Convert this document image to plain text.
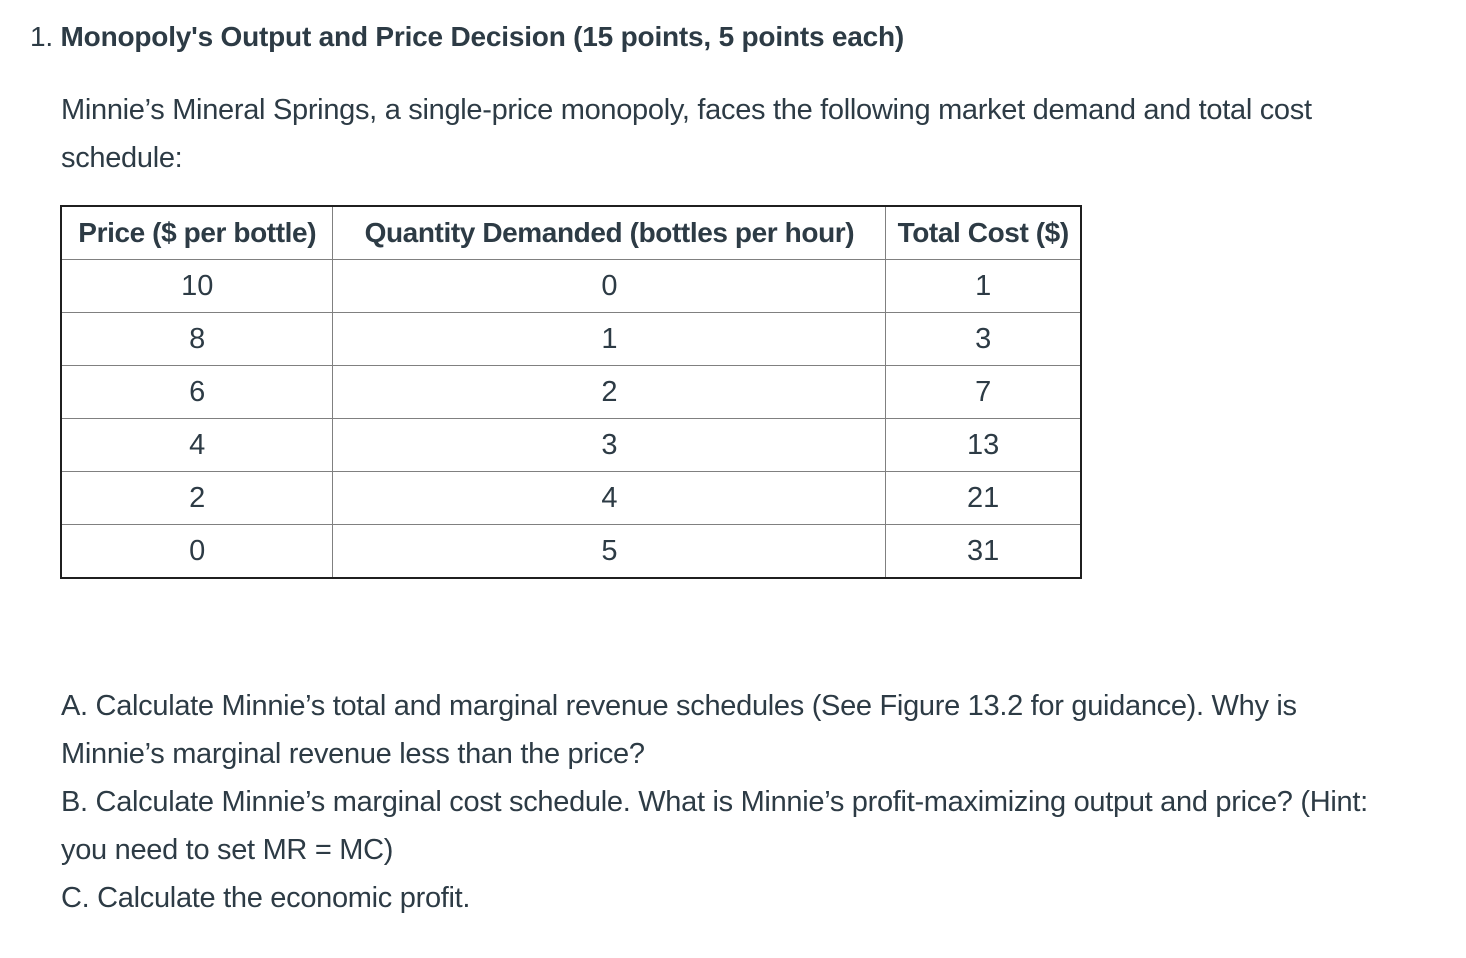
1. Monopoly's Output and Price Decision (15 points, 5 points each)
Minnie’s Mineral Springs, a single-price monopoly, faces the following market demand and total cost schedule:
Price ($ per bottle)	Quantity Demanded (bottles per hour)	Total Cost ($)
10	0	1
8	1	3
6	2	7
4	3	13
2	4	21
0	5	31

A. Calculate Minnie’s total and marginal revenue schedules (See Figure 13.2 for guidance). Why is Minnie’s marginal revenue less than the price?

B. Calculate Minnie’s marginal cost schedule. What is Minnie’s profit-maximizing output and price? (Hint: you need to set MR = MC)

C. Calculate the economic profit.
